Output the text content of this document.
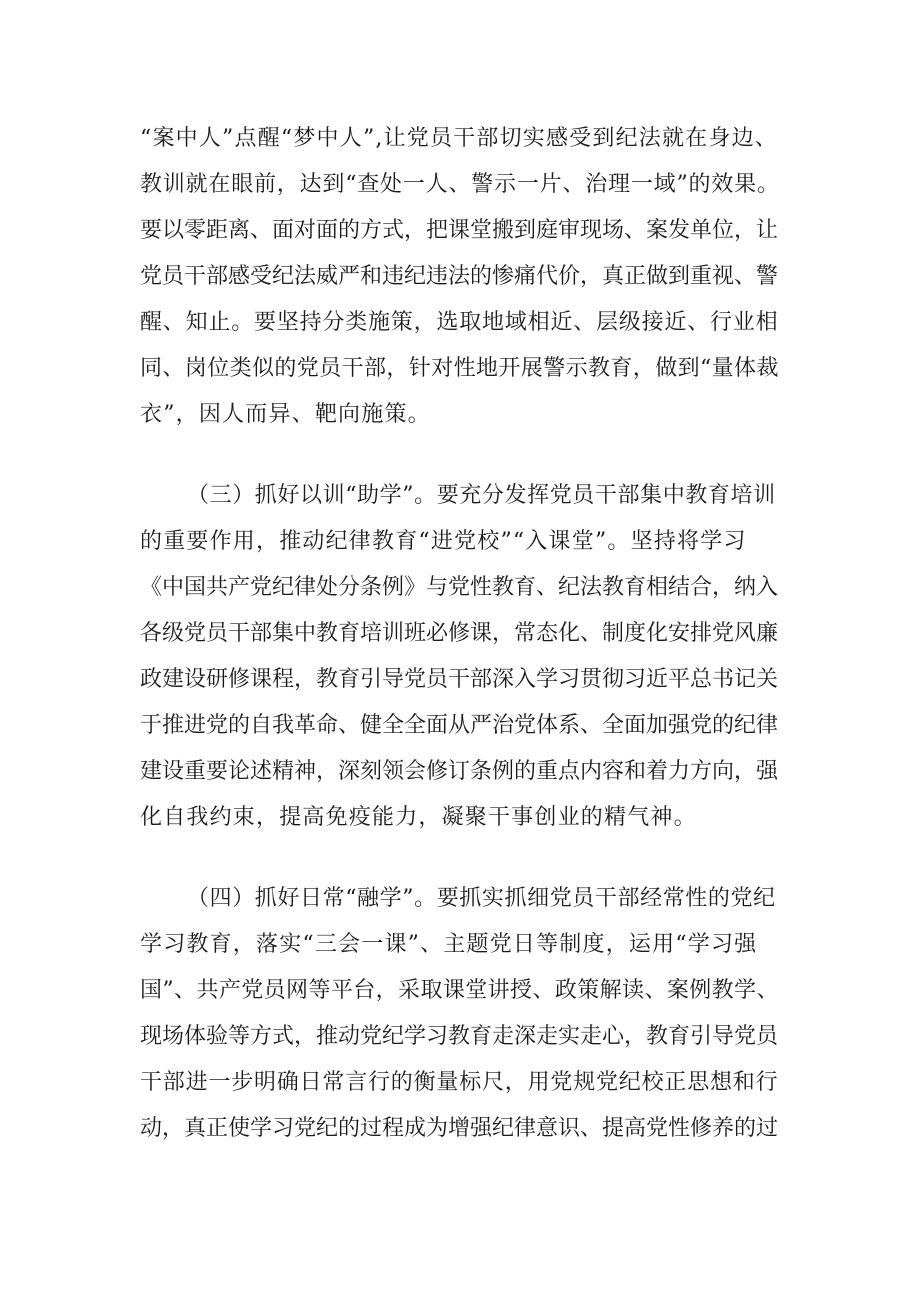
“案中人”点醒“梦中人”,让党员干部切实感受到纪法就在身边、
教训就在眼前，达到“查处一人、警示一片、治理一域”的效果。
要以零距离、面对面的方式，把课堂搬到庭审现场、案发单位，让
党员干部感受纪法威严和违纪违法的惨痛代价，真正做到重视、警
醒、知止。要坚持分类施策，选取地域相近、层级接近、行业相
同、岗位类似的党员干部，针对性地开展警示教育，做到“量体裁
衣”，因人而异、靶向施策。
（三）抓好以训“助学”。要充分发挥党员干部集中教育培训
的重要作用，推动纪律教育“进党校”“入课堂”。坚持将学习
《中国共产党纪律处分条例》与党性教育、纪法教育相结合，纳入
各级党员干部集中教育培训班必修课，常态化、制度化安排党风廉
政建设研修课程，教育引导党员干部深入学习贯彻习近平总书记关
于推进党的自我革命、健全全面从严治党体系、全面加强党的纪律
建设重要论述精神，深刻领会修订条例的重点内容和着力方向，强
化自我约束，提高免疫能力，凝聚干事创业的精气神。
（四）抓好日常“融学”。要抓实抓细党员干部经常性的党纪
学习教育，落实“三会一课”、主题党日等制度，运用“学习强
国”、共产党员网等平台，采取课堂讲授、政策解读、案例教学、
现场体验等方式，推动党纪学习教育走深走实走心，教育引导党员
干部进一步明确日常言行的衡量标尺，用党规党纪校正思想和行
动，真正使学习党纪的过程成为增强纪律意识、提高党性修养的过
